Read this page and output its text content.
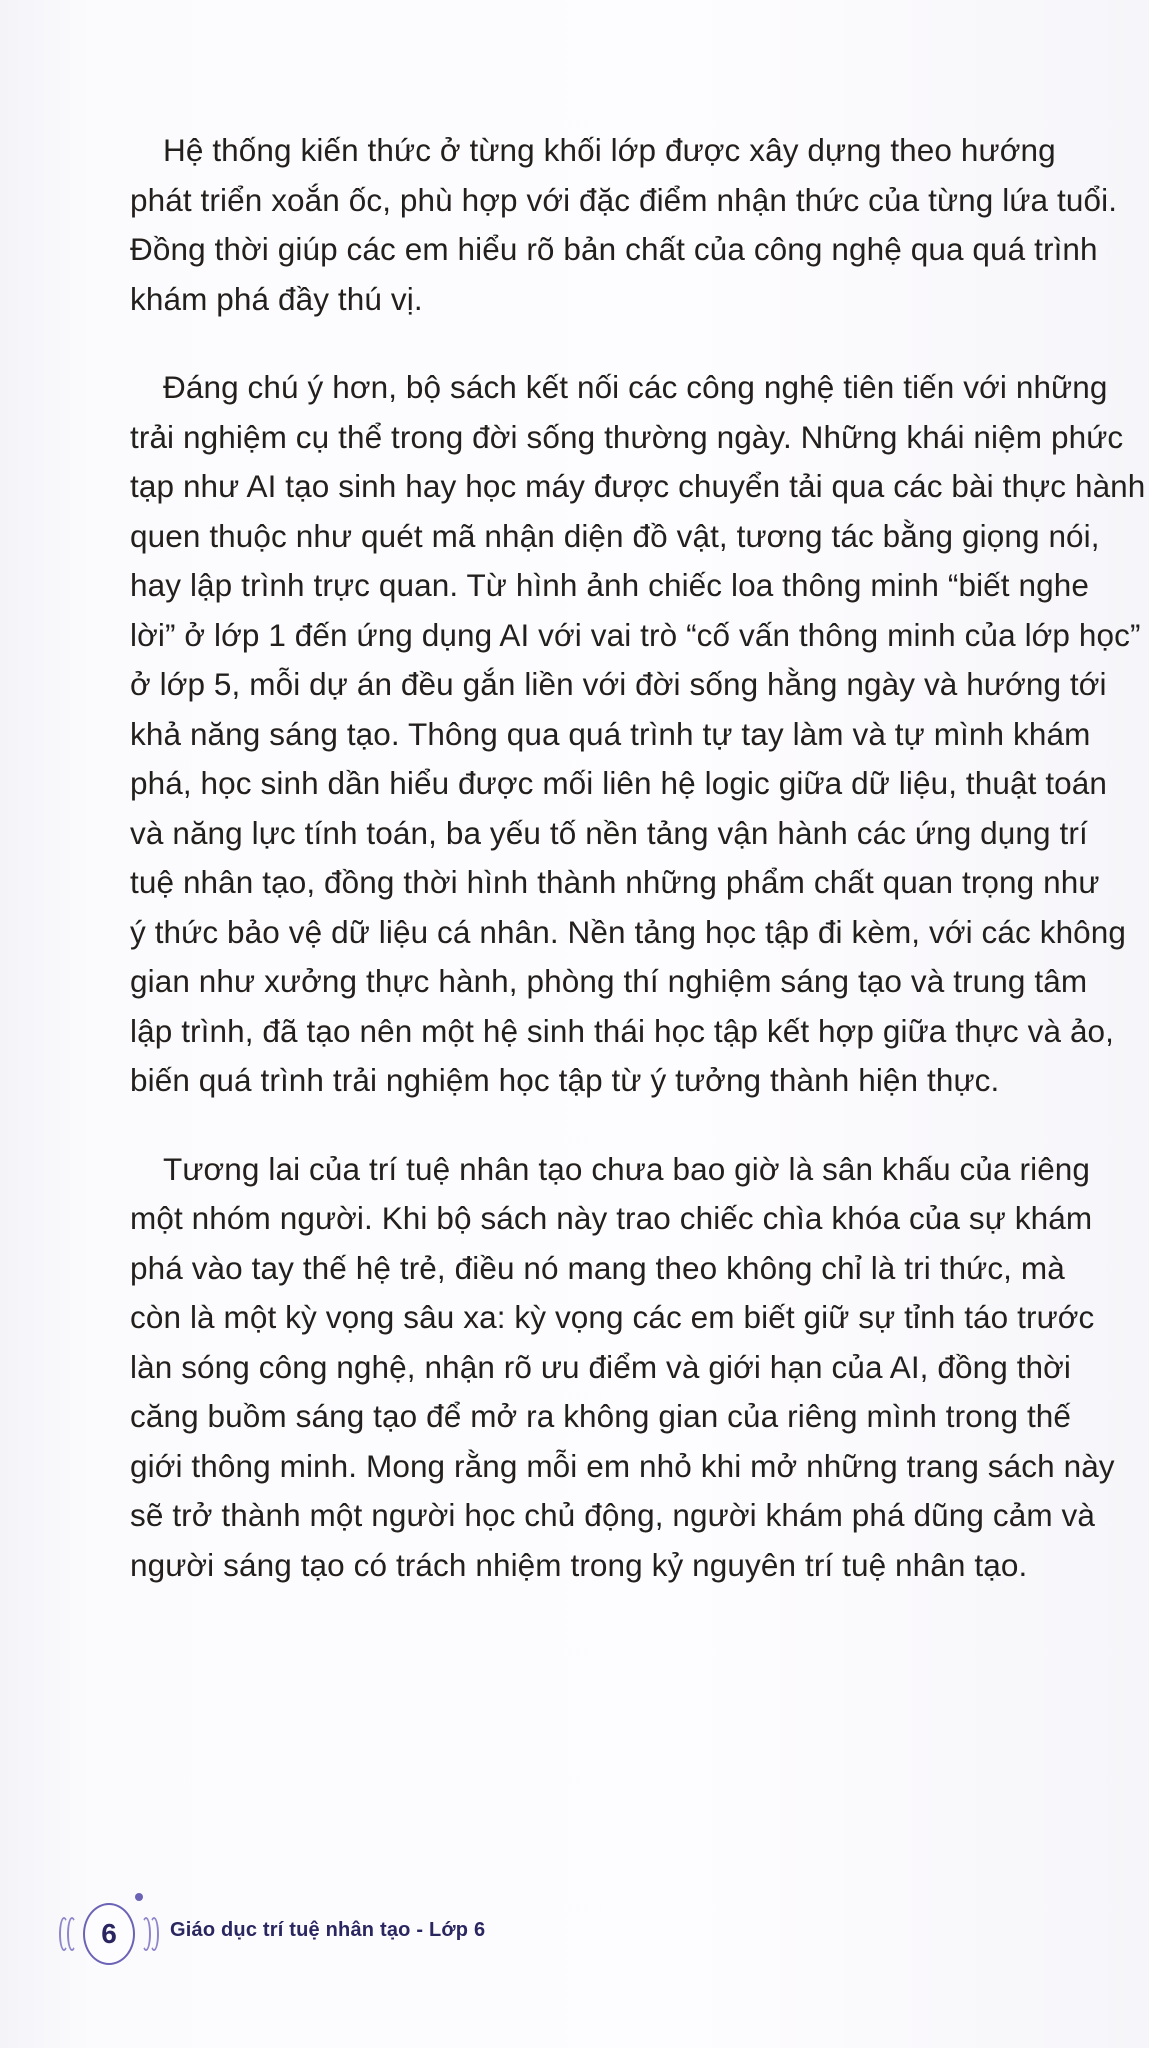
Hệ thống kiến thức ở từng khối lớp được xây dựng theo hướng
phát triển xoắn ốc, phù hợp với đặc điểm nhận thức của từng lứa tuổi.
Đồng thời giúp các em hiểu rõ bản chất của công nghệ qua quá trình
khám phá đầy thú vị.

Đáng chú ý hơn, bộ sách kết nối các công nghệ tiên tiến với những
trải nghiệm cụ thể trong đời sống thường ngày. Những khái niệm phức
tạp như AI tạo sinh hay học máy được chuyển tải qua các bài thực hành
quen thuộc như quét mã nhận diện đồ vật, tương tác bằng giọng nói,
hay lập trình trực quan. Từ hình ảnh chiếc loa thông minh “biết nghe
lời” ở lớp 1 đến ứng dụng AI với vai trò “cố vấn thông minh của lớp học”
ở lớp 5, mỗi dự án đều gắn liền với đời sống hằng ngày và hướng tới
khả năng sáng tạo. Thông qua quá trình tự tay làm và tự mình khám
phá, học sinh dần hiểu được mối liên hệ logic giữa dữ liệu, thuật toán
và năng lực tính toán, ba yếu tố nền tảng vận hành các ứng dụng trí
tuệ nhân tạo, đồng thời hình thành những phẩm chất quan trọng như
ý thức bảo vệ dữ liệu cá nhân. Nền tảng học tập đi kèm, với các không
gian như xưởng thực hành, phòng thí nghiệm sáng tạo và trung tâm
lập trình, đã tạo nên một hệ sinh thái học tập kết hợp giữa thực và ảo,
biến quá trình trải nghiệm học tập từ ý tưởng thành hiện thực.

Tương lai của trí tuệ nhân tạo chưa bao giờ là sân khấu của riêng
một nhóm người. Khi bộ sách này trao chiếc chìa khóa của sự khám
phá vào tay thế hệ trẻ, điều nó mang theo không chỉ là tri thức, mà
còn là một kỳ vọng sâu xa: kỳ vọng các em biết giữ sự tỉnh táo trước
làn sóng công nghệ, nhận rõ ưu điểm và giới hạn của AI, đồng thời
căng buồm sáng tạo để mở ra không gian của riêng mình trong thế
giới thông minh. Mong rằng mỗi em nhỏ khi mở những trang sách này
sẽ trở thành một người học chủ động, người khám phá dũng cảm và
người sáng tạo có trách nhiệm trong kỷ nguyên trí tuệ nhân tạo.

6	Giáo dục trí tuệ nhân tạo - Lớp 6
